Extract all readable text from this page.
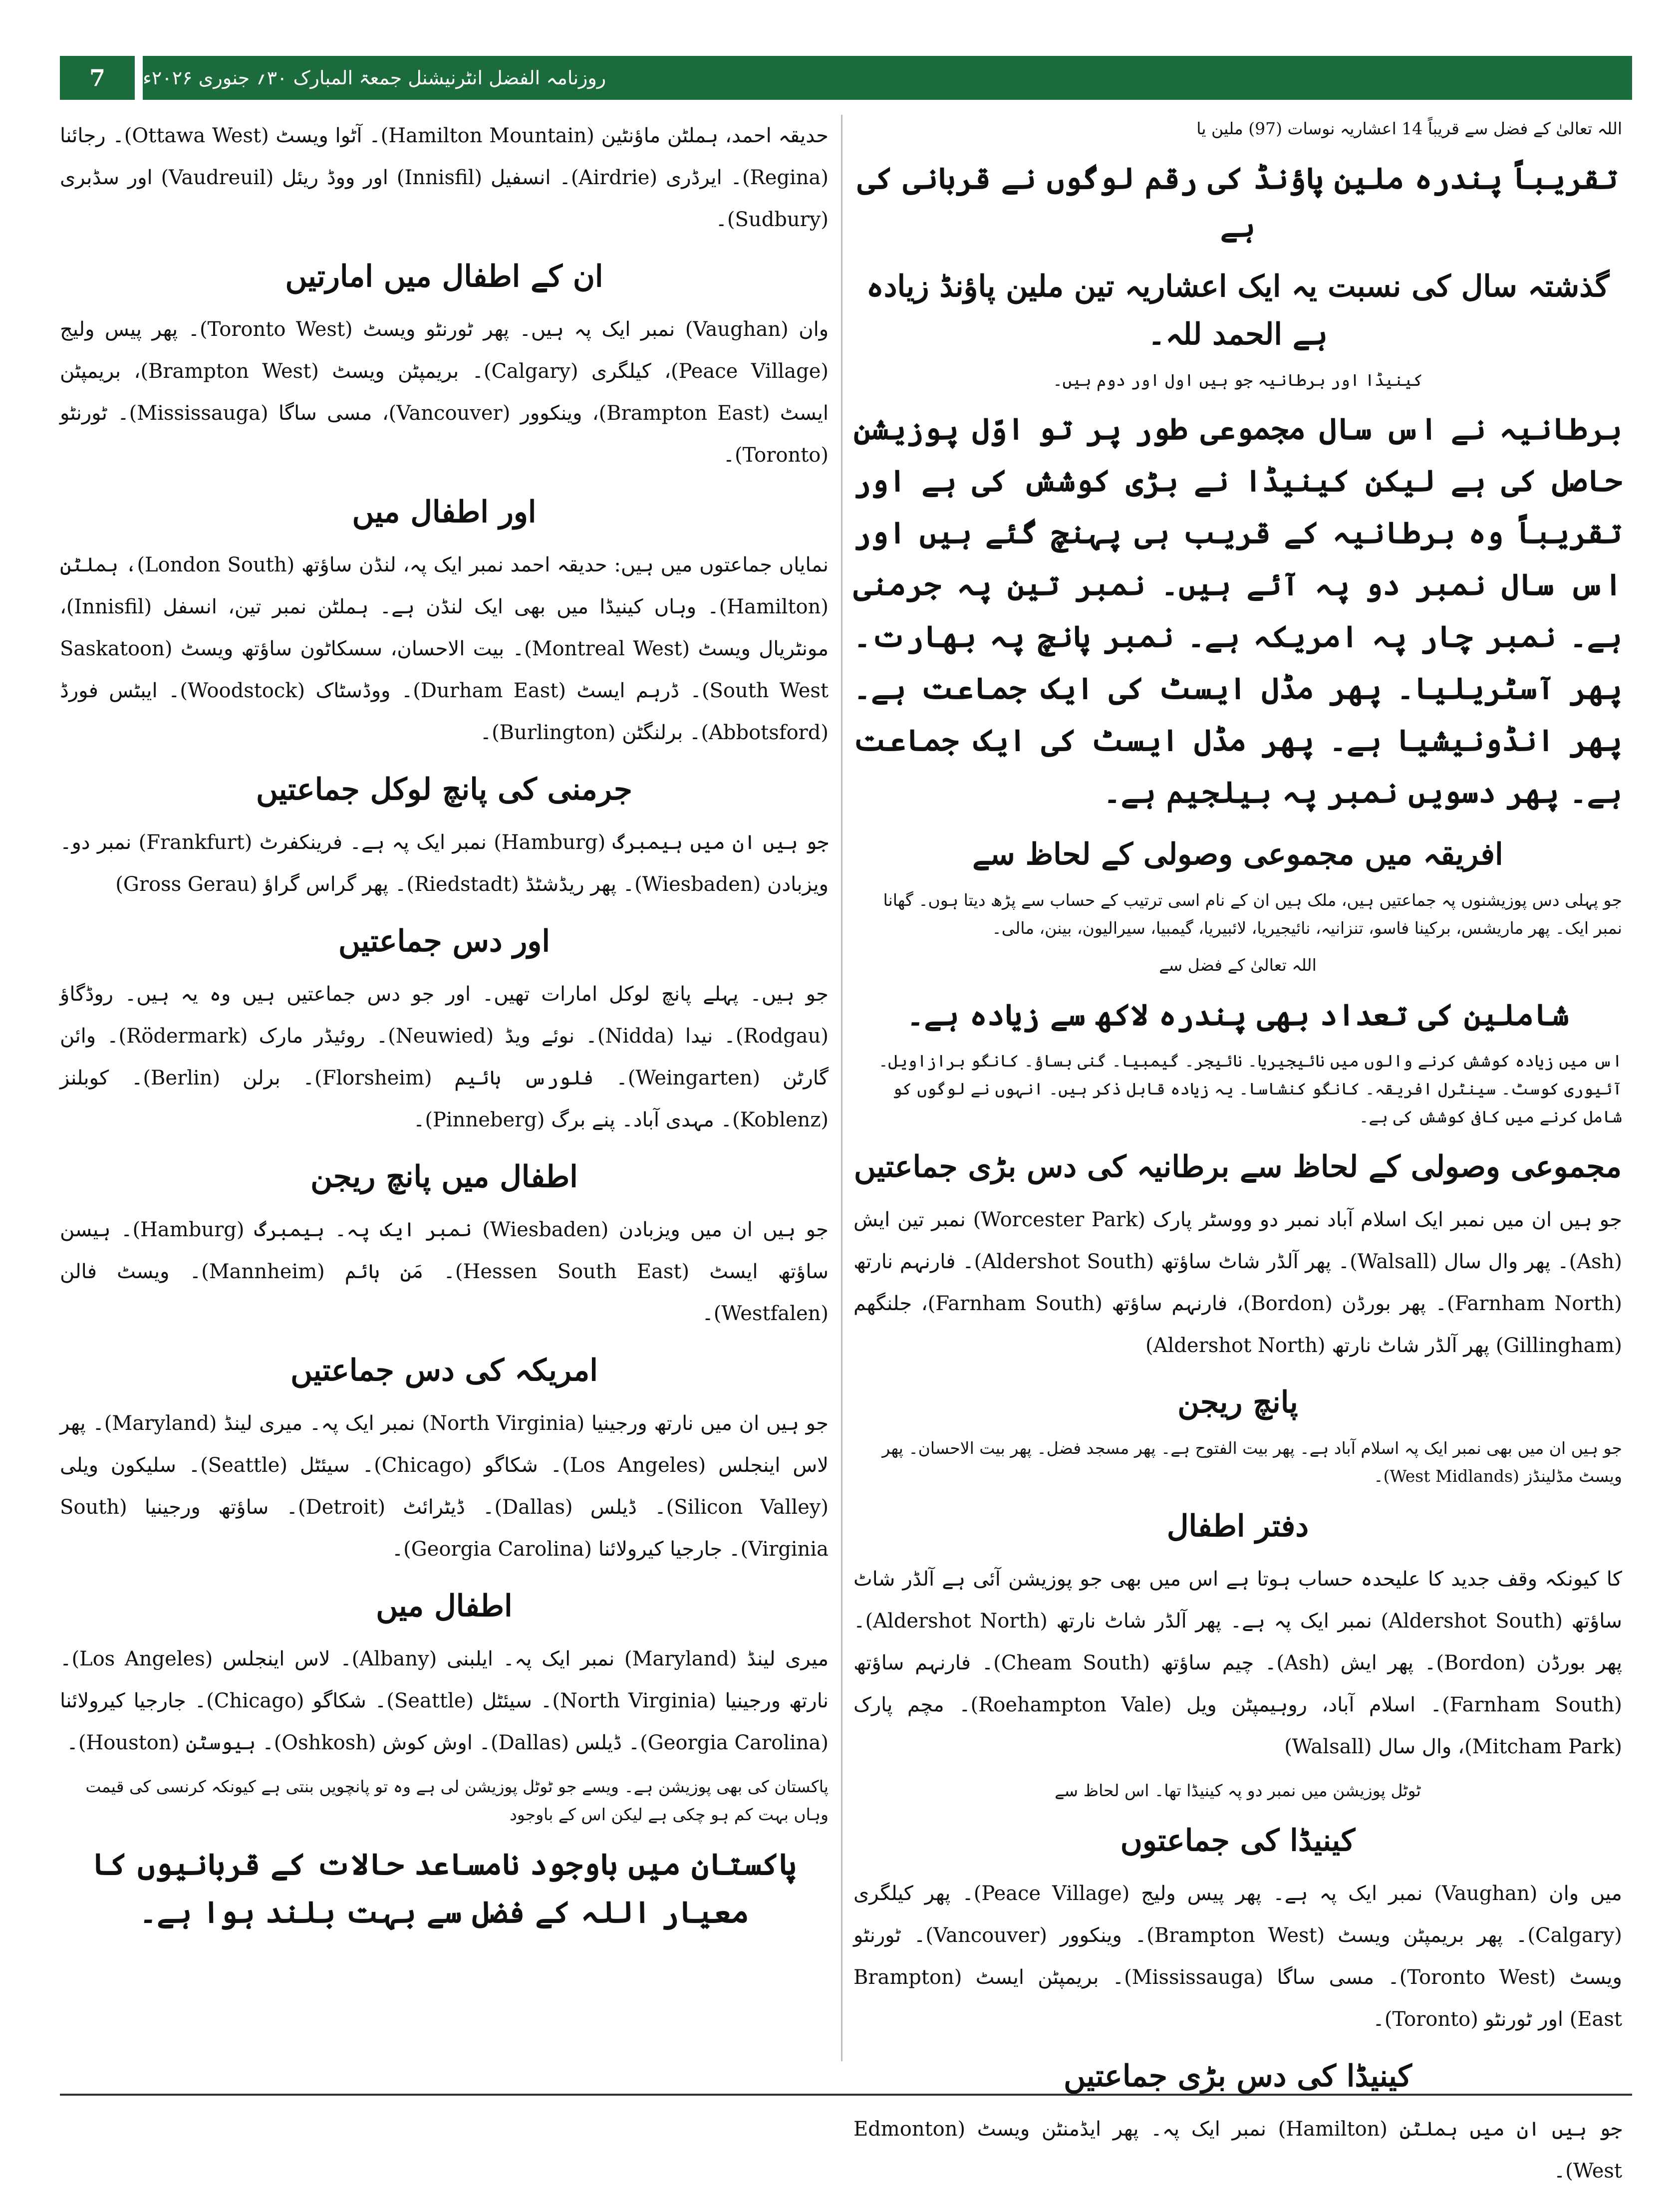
7	روزنامہ الفضل انٹرنیشنل جمعۃ المبارک ۳۰؍ جنوری ۲۰۲۶ء

اللہ تعالیٰ کے فضل سے قریباً 14 اعشاریہ نوسات (97) ملین یا

تقریباً پندرہ ملین پاؤنڈ کی رقم لوگوں نے قربانی کی ہے
گذشتہ سال کی نسبت یہ ایک اعشاریہ تین ملین پاؤنڈ زیادہ ہے الحمد للہ۔

کینیڈا اور برطانیہ جو ہیں اول اور دوم ہیں۔

برطانیہ نے اس سال مجموعی طور پر تو اوّل پوزیشن حاصل کی ہے لیکن کینیڈا نے بڑی کوشش کی ہے اور تقریباً وہ برطانیہ کے قریب ہی پہنچ گئے ہیں اور اس سال نمبر دو پہ آئے ہیں۔ نمبر تین پہ جرمنی ہے۔ نمبر چار پہ امریکہ ہے۔ نمبر پانچ پہ بھارت۔ پھر آسٹریلیا۔ پھر مڈل ایسٹ کی ایک جماعت ہے۔ پھر انڈونیشیا ہے۔ پھر مڈل ایسٹ کی ایک جماعت ہے۔ پھر دسویں نمبر پہ بیلجیم ہے۔

افریقہ میں مجموعی وصولی کے لحاظ سے

جو پہلی دس پوزیشنوں پہ جماعتیں ہیں، ملک ہیں ان کے نام اسی ترتیب کے حساب سے پڑھ دیتا ہوں۔ گھانا نمبر ایک۔ پھر ماریشس، برکینا فاسو، تنزانیہ، نائیجیریا، لائبیریا، گیمبیا، سیرالیون، بینن، مالی۔

اللہ تعالیٰ کے فضل سے

شاملین کی تعداد بھی پندرہ لاکھ سے زیادہ ہے۔

اس میں زیادہ کوشش کرنے والوں میں نائیجیریا۔ نائیجر۔ گیمبیا۔ گنی بساؤ۔ کانگو برازاویل۔ آئیوری کوسٹ۔ سینٹرل افریقہ۔ کانگو کنشاسا۔ یہ زیادہ قابل ذکر ہیں۔ انہوں نے لوگوں کو شامل کرنے میں کافی کوشش کی ہے۔

مجموعی وصولی کے لحاظ سے برطانیہ کی دس بڑی جماعتیں

جو ہیں ان میں نمبر ایک اسلام آباد نمبر دو ووسٹر پارک (Worcester Park) نمبر تین ایش (Ash)۔ پھر وال سال (Walsall)۔ پھر آلڈر شاٹ ساؤتھ (Aldershot South)۔ فارنہم نارتھ (Farnham North)۔ پھر بورڈن (Bordon)، فارنہم ساؤتھ (Farnham South)، جلنگھم (Gillingham) پھر آلڈر شاٹ نارتھ (Aldershot North)

پانچ ریجن

جو ہیں ان میں بھی نمبر ایک پہ اسلام آباد ہے۔ پھر بیت الفتوح ہے۔ پھر مسجد فضل۔ پھر بیت الاحسان۔ پھر ویسٹ مڈلینڈز (West Midlands)۔

دفتر اطفال

کا کیونکہ وقف جدید کا علیحدہ حساب ہوتا ہے اس میں بھی جو پوزیشن آئی ہے آلڈر شاٹ ساؤتھ (Aldershot South) نمبر ایک پہ ہے۔ پھر آلڈر شاٹ نارتھ (Aldershot North)۔ پھر بورڈن (Bordon)۔ پھر ایش (Ash)۔ چیم ساؤتھ (Cheam South)۔ فارنہم ساؤتھ (Farnham South)۔ اسلام آباد، روہیمپٹن ویل (Roehampton Vale)۔ مچم پارک (Mitcham Park)، وال سال (Walsall)

ٹوٹل پوزیشن میں نمبر دو پہ کینیڈا تھا۔ اس لحاظ سے

کینیڈا کی جماعتوں

میں وان (Vaughan) نمبر ایک پہ ہے۔ پھر پیس ولیج (Peace Village)۔ پھر کیلگری (Calgary)۔ پھر بریمپٹن ویسٹ (Brampton West)۔ وینکوور (Vancouver)۔ ٹورنٹو ویسٹ (Toronto West)۔ مسی ساگا (Mississauga)۔ بریمپٹن ایسٹ (Brampton East) اور ٹورنٹو (Toronto)۔

کینیڈا کی دس بڑی جماعتیں

جو ہیں ان میں ہملٹن (Hamilton) نمبر ایک پہ۔ پھر ایڈمنٹن ویسٹ (Edmonton West)۔

حدیقہ احمد، ہملٹن ماؤنٹین (Hamilton Mountain)۔ آٹوا ویسٹ (Ottawa West)۔ رجائنا (Regina)۔ ایرڈری (Airdrie)۔ انسفیل (Innisfil) اور ووڈ ریئل (Vaudreuil) اور سڈبری (Sudbury)۔

ان کے اطفال میں امارتیں

وان (Vaughan) نمبر ایک پہ ہیں۔ پھر ٹورنٹو ویسٹ (Toronto West)۔ پھر پیس ولیج (Peace Village)، کیلگری (Calgary)۔ بریمپٹن ویسٹ (Brampton West)، بریمپٹن ایسٹ (Brampton East)، وینکوور (Vancouver)، مسی ساگا (Mississauga)۔ ٹورنٹو (Toronto)۔

اور اطفال میں

نمایاں جماعتوں میں ہیں: حدیقہ احمد نمبر ایک پہ، لنڈن ساؤتھ (London South)، ہملٹن (Hamilton)۔ وہاں کینیڈا میں بھی ایک لنڈن ہے۔ ہملٹن نمبر تین، انسفل (Innisfil)، مونٹریال ویسٹ (Montreal West)۔ بیت الاحسان، سسکاٹون ساؤتھ ویسٹ (Saskatoon South West)۔ ڈرہم ایسٹ (Durham East)۔ ووڈسٹاک (Woodstock)۔ ایبٹس فورڈ (Abbotsford)۔ برلنگٹن (Burlington)۔

جرمنی کی پانچ لوکل جماعتیں

جو ہیں ان میں ہیمبرگ (Hamburg) نمبر ایک پہ ہے۔ فرینکفرٹ (Frankfurt) نمبر دو۔ ویزبادن (Wiesbaden)۔ پھر ریڈشٹڈ (Riedstadt)۔ پھر گراس گراؤ (Gross Gerau)

اور دس جماعتیں

جو ہیں۔ پہلے پانچ لوکل امارات تھیں۔ اور جو دس جماعتیں ہیں وہ یہ ہیں۔ روڈگاؤ (Rodgau)۔ نیدا (Nidda)۔ نوئے ویڈ (Neuwied)۔ روئیڈر مارک (Rödermark)۔ وائن گارٹن (Weingarten)۔ فلورس ہائیم (Florsheim)۔ برلن (Berlin)۔ کوبلنز (Koblenz)۔ مہدی آباد۔ پنے برگ (Pinneberg)۔

اطفال میں پانچ ریجن

جو ہیں ان میں ویزبادن (Wiesbaden) نمبر ایک پہ۔ ہیمبرگ (Hamburg)۔ ہیسن ساؤتھ ایسٹ (Hessen South East)۔ مَن ہائم (Mannheim)۔ ویسٹ فالن (Westfalen)۔

امریکہ کی دس جماعتیں

جو ہیں ان میں نارتھ ورجینیا (North Virginia) نمبر ایک پہ۔ میری لینڈ (Maryland)۔ پھر لاس اینجلس (Los Angeles)۔ شکاگو (Chicago)۔ سیئٹل (Seattle)۔ سلیکون ویلی (Silicon Valley)۔ ڈیلس (Dallas)۔ ڈیٹرائٹ (Detroit)۔ ساؤتھ ورجینیا (South Virginia)۔ جارجیا کیرولائنا (Georgia Carolina)۔

اطفال میں

میری لینڈ (Maryland) نمبر ایک پہ۔ ایلبنی (Albany)۔ لاس اینجلس (Los Angeles)۔ نارتھ ورجینیا (North Virginia)۔ سیئٹل (Seattle)۔ شکاگو (Chicago)۔ جارجیا کیرولائنا (Georgia Carolina)۔ ڈیلس (Dallas)۔ اوش کوش (Oshkosh)۔ ہیوسٹن (Houston)۔

پاکستان کی بھی پوزیشن ہے۔ ویسے جو ٹوٹل پوزیشن لی ہے وہ تو پانچویں بنتی ہے کیونکہ کرنسی کی قیمت وہاں بہت کم ہو چکی ہے لیکن اس کے باوجود

پاکستان میں باوجود نامساعد حالات کے قربانیوں کا معیار اللہ کے فضل سے بہت بلند ہوا ہے۔
